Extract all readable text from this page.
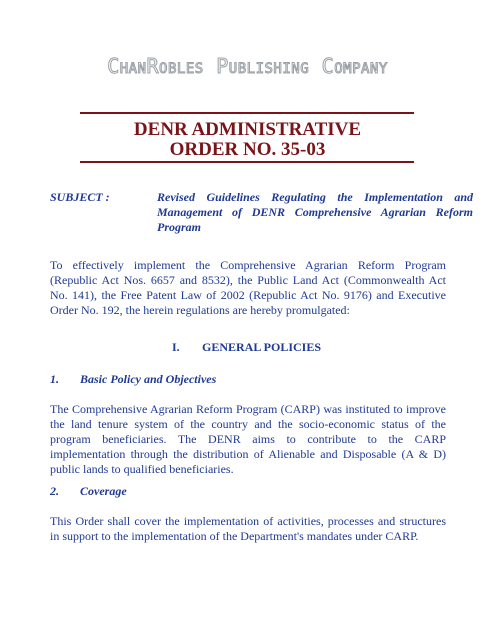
ChanRobles Publishing Company
DENR ADMINISTRATIVE
ORDER NO. 35-03
SUBJECT :	Revised Guidelines Regulating the Implementation and Management of DENR Comprehensive Agrarian Reform Program
To effectively implement the Comprehensive Agrarian Reform Program (Republic Act Nos. 6657 and 8532), the Public Land Act (Commonwealth Act No. 141), the Free Patent Law of 2002 (Republic Act No. 9176) and Executive Order No. 192, the herein regulations are hereby promulgated:
I. GENERAL POLICIES
1. Basic Policy and Objectives
The Comprehensive Agrarian Reform Program (CARP) was instituted to improve the land tenure system of the country and the socio-economic status of the program beneficiaries. The DENR aims to contribute to the CARP implementation through the distribution of Alienable and Disposable (A & D) public lands to qualified beneficiaries.
2. Coverage
This Order shall cover the implementation of activities, processes and structures in support to the implementation of the Department's mandates under CARP.
